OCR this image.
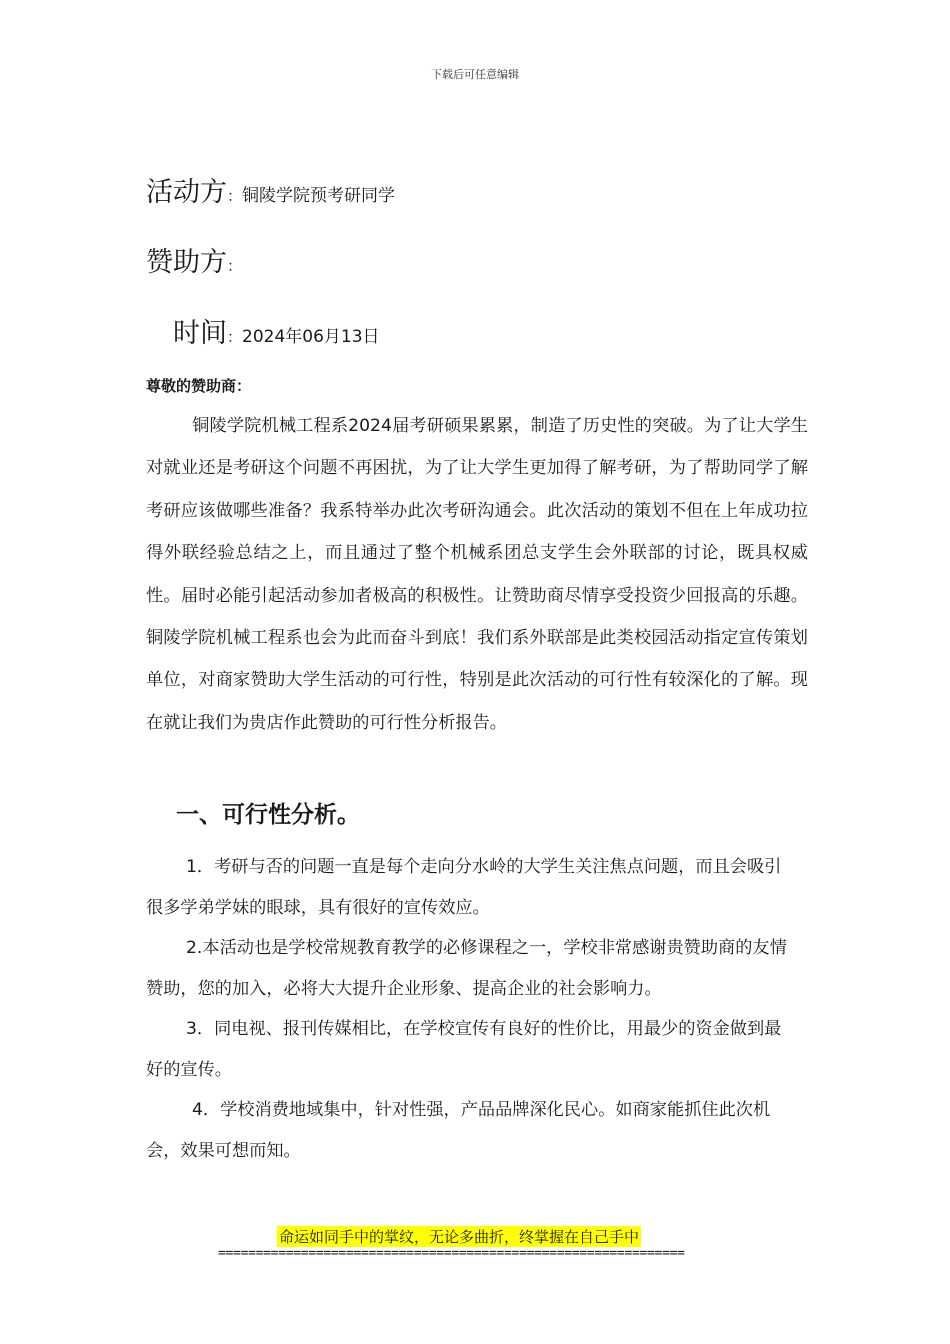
下载后可任意编辑
活动方 ： 铜陵学院预考研同学
赞助方 ：
时间 ： 2024年06月13日
尊敬的赞助商：
铜陵学院机械工程系2024届考研硕果累累，制造了历史性的突破。为了让大学生对就业还是考研这个问题不再困扰，为了让大学生更加得了解考研，为了帮助同学了解考研应该做哪些准备？我系特举办此次考研沟通会。此次活动的策划不但在上年成功拉得外联经验总结之上，而且通过了整个机械系团总支学生会外联部的讨论，既具权威性。届时必能引起活动参加者极高的积极性。让赞助商尽情享受投资少回报高的乐趣。铜陵学院机械工程系也会为此而奋斗到底！我们系外联部是此类校园活动指定宣传策划单位，对商家赞助大学生活动的可行性，特别是此次活动的可行性有较深化的了解。现在就让我们为贵店作此赞助的可行性分析报告。
一、可行性分析。
1．考研与否的问题一直是每个走向分水岭的大学生关注焦点问题，而且会吸引很多学弟学妹的眼球，具有很好的宣传效应。
2.本活动也是学校常规教育教学的必修课程之一，学校非常感谢贵赞助商的友情赞助，您的加入，必将大大提升企业形象、提高企业的社会影响力。
3．同电视、报刊传媒相比，在学校宣传有良好的性价比，用最少的资金做到最好的宣传。
4．学校消费地域集中，针对性强，产品品牌深化民心。如商家能抓住此次机会，效果可想而知。
命运如同手中的掌纹，无论多曲折，终掌握在自己手中
==============================================================
